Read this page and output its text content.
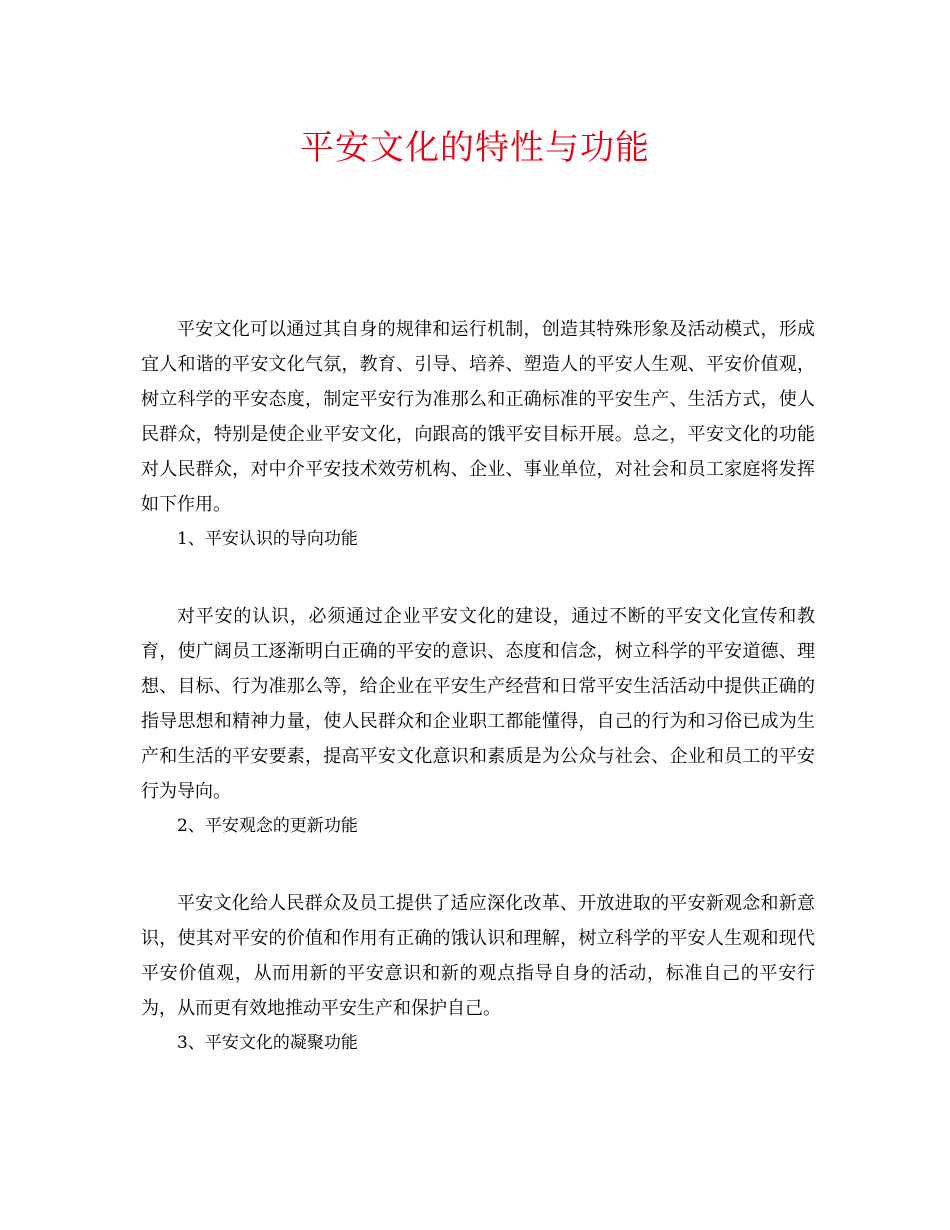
平安文化的特性与功能

平安文化可以通过其自身的规律和运行机制，创造其特殊形象及活动模式，形成宜人和谐的平安文化气氛，教育、引导、培养、塑造人的平安人生观、平安价值观，树立科学的平安态度，制定平安行为准那么和正确标准的平安生产、生活方式，使人民群众，特别是使企业平安文化，向跟高的饿平安目标开展。总之，平安文化的功能对人民群众，对中介平安技术效劳机构、企业、事业单位，对社会和员工家庭将发挥如下作用。

1、平安认识的导向功能

对平安的认识，必须通过企业平安文化的建设，通过不断的平安文化宣传和教育，使广阔员工逐渐明白正确的平安的意识、态度和信念，树立科学的平安道德、理想、目标、行为准那么等，给企业在平安生产经营和日常平安生活活动中提供正确的指导思想和精神力量，使人民群众和企业职工都能懂得，自己的行为和习俗已成为生产和生活的平安要素，提高平安文化意识和素质是为公众与社会、企业和员工的平安行为导向。

2、平安观念的更新功能

平安文化给人民群众及员工提供了适应深化改革、开放进取的平安新观念和新意识，使其对平安的价值和作用有正确的饿认识和理解，树立科学的平安人生观和现代平安价值观，从而用新的平安意识和新的观点指导自身的活动，标准自己的平安行为，从而更有效地推动平安生产和保护自己。

3、平安文化的凝聚功能
